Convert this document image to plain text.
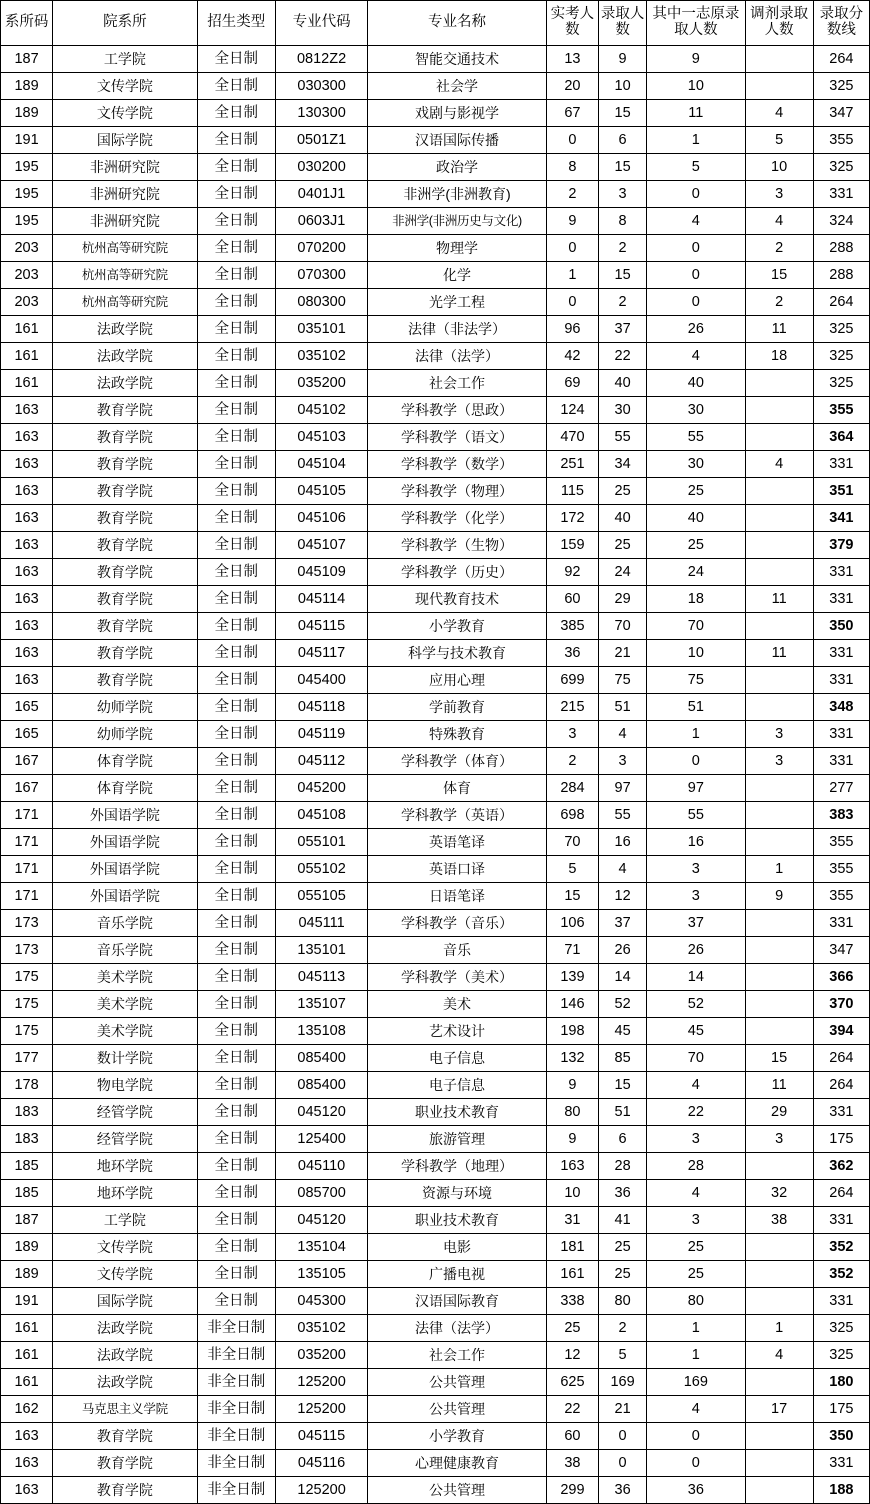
系所码	院系所	招生类型	专业代码	专业名称	实考人数	录取人数	其中一志原录取人数	调剂录取人数	录取分数线

187	工学院	全日制	0812Z2	智能交通技术	13	9	9		264
189	文传学院	全日制	030300	社会学	20	10	10		325
189	文传学院	全日制	130300	戏剧与影视学	67	15	11	4	347
191	国际学院	全日制	0501Z1	汉语国际传播	0	6	1	5	355
195	非洲研究院	全日制	030200	政治学	8	15	5	10	325
195	非洲研究院	全日制	0401J1	非洲学(非洲教育)	2	3	0	3	331
195	非洲研究院	全日制	0603J1	非洲学(非洲历史与文化)	9	8	4	4	324
203	杭州高等研究院	全日制	070200	物理学	0	2	0	2	288
203	杭州高等研究院	全日制	070300	化学	1	15	0	15	288
203	杭州高等研究院	全日制	080300	光学工程	0	2	0	2	264
161	法政学院	全日制	035101	法律（非法学）	96	37	26	11	325
161	法政学院	全日制	035102	法律（法学）	42	22	4	18	325
161	法政学院	全日制	035200	社会工作	69	40	40		325
163	教育学院	全日制	045102	学科教学（思政）	124	30	30		355
163	教育学院	全日制	045103	学科教学（语文）	470	55	55		364
163	教育学院	全日制	045104	学科教学（数学）	251	34	30	4	331
163	教育学院	全日制	045105	学科教学（物理）	115	25	25		351
163	教育学院	全日制	045106	学科教学（化学）	172	40	40		341
163	教育学院	全日制	045107	学科教学（生物）	159	25	25		379
163	教育学院	全日制	045109	学科教学（历史）	92	24	24		331
163	教育学院	全日制	045114	现代教育技术	60	29	18	11	331
163	教育学院	全日制	045115	小学教育	385	70	70		350
163	教育学院	全日制	045117	科学与技术教育	36	21	10	11	331
163	教育学院	全日制	045400	应用心理	699	75	75		331
165	幼师学院	全日制	045118	学前教育	215	51	51		348
165	幼师学院	全日制	045119	特殊教育	3	4	1	3	331
167	体育学院	全日制	045112	学科教学（体育）	2	3	0	3	331
167	体育学院	全日制	045200	体育	284	97	97		277
171	外国语学院	全日制	045108	学科教学（英语）	698	55	55		383
171	外国语学院	全日制	055101	英语笔译	70	16	16		355
171	外国语学院	全日制	055102	英语口译	5	4	3	1	355
171	外国语学院	全日制	055105	日语笔译	15	12	3	9	355
173	音乐学院	全日制	045111	学科教学（音乐）	106	37	37		331
173	音乐学院	全日制	135101	音乐	71	26	26		347
175	美术学院	全日制	045113	学科教学（美术）	139	14	14		366
175	美术学院	全日制	135107	美术	146	52	52		370
175	美术学院	全日制	135108	艺术设计	198	45	45		394
177	数计学院	全日制	085400	电子信息	132	85	70	15	264
178	物电学院	全日制	085400	电子信息	9	15	4	11	264
183	经管学院	全日制	045120	职业技术教育	80	51	22	29	331
183	经管学院	全日制	125400	旅游管理	9	6	3	3	175
185	地环学院	全日制	045110	学科教学（地理）	163	28	28		362
185	地环学院	全日制	085700	资源与环境	10	36	4	32	264
187	工学院	全日制	045120	职业技术教育	31	41	3	38	331
189	文传学院	全日制	135104	电影	181	25	25		352
189	文传学院	全日制	135105	广播电视	161	25	25		352
191	国际学院	全日制	045300	汉语国际教育	338	80	80		331
161	法政学院	非全日制	035102	法律（法学）	25	2	1	1	325
161	法政学院	非全日制	035200	社会工作	12	5	1	4	325
161	法政学院	非全日制	125200	公共管理	625	169	169		180
162	马克思主义学院	非全日制	125200	公共管理	22	21	4	17	175
163	教育学院	非全日制	045115	小学教育	60	0	0		350
163	教育学院	非全日制	045116	心理健康教育	38	0	0		331
163	教育学院	非全日制	125200	公共管理	299	36	36		188
